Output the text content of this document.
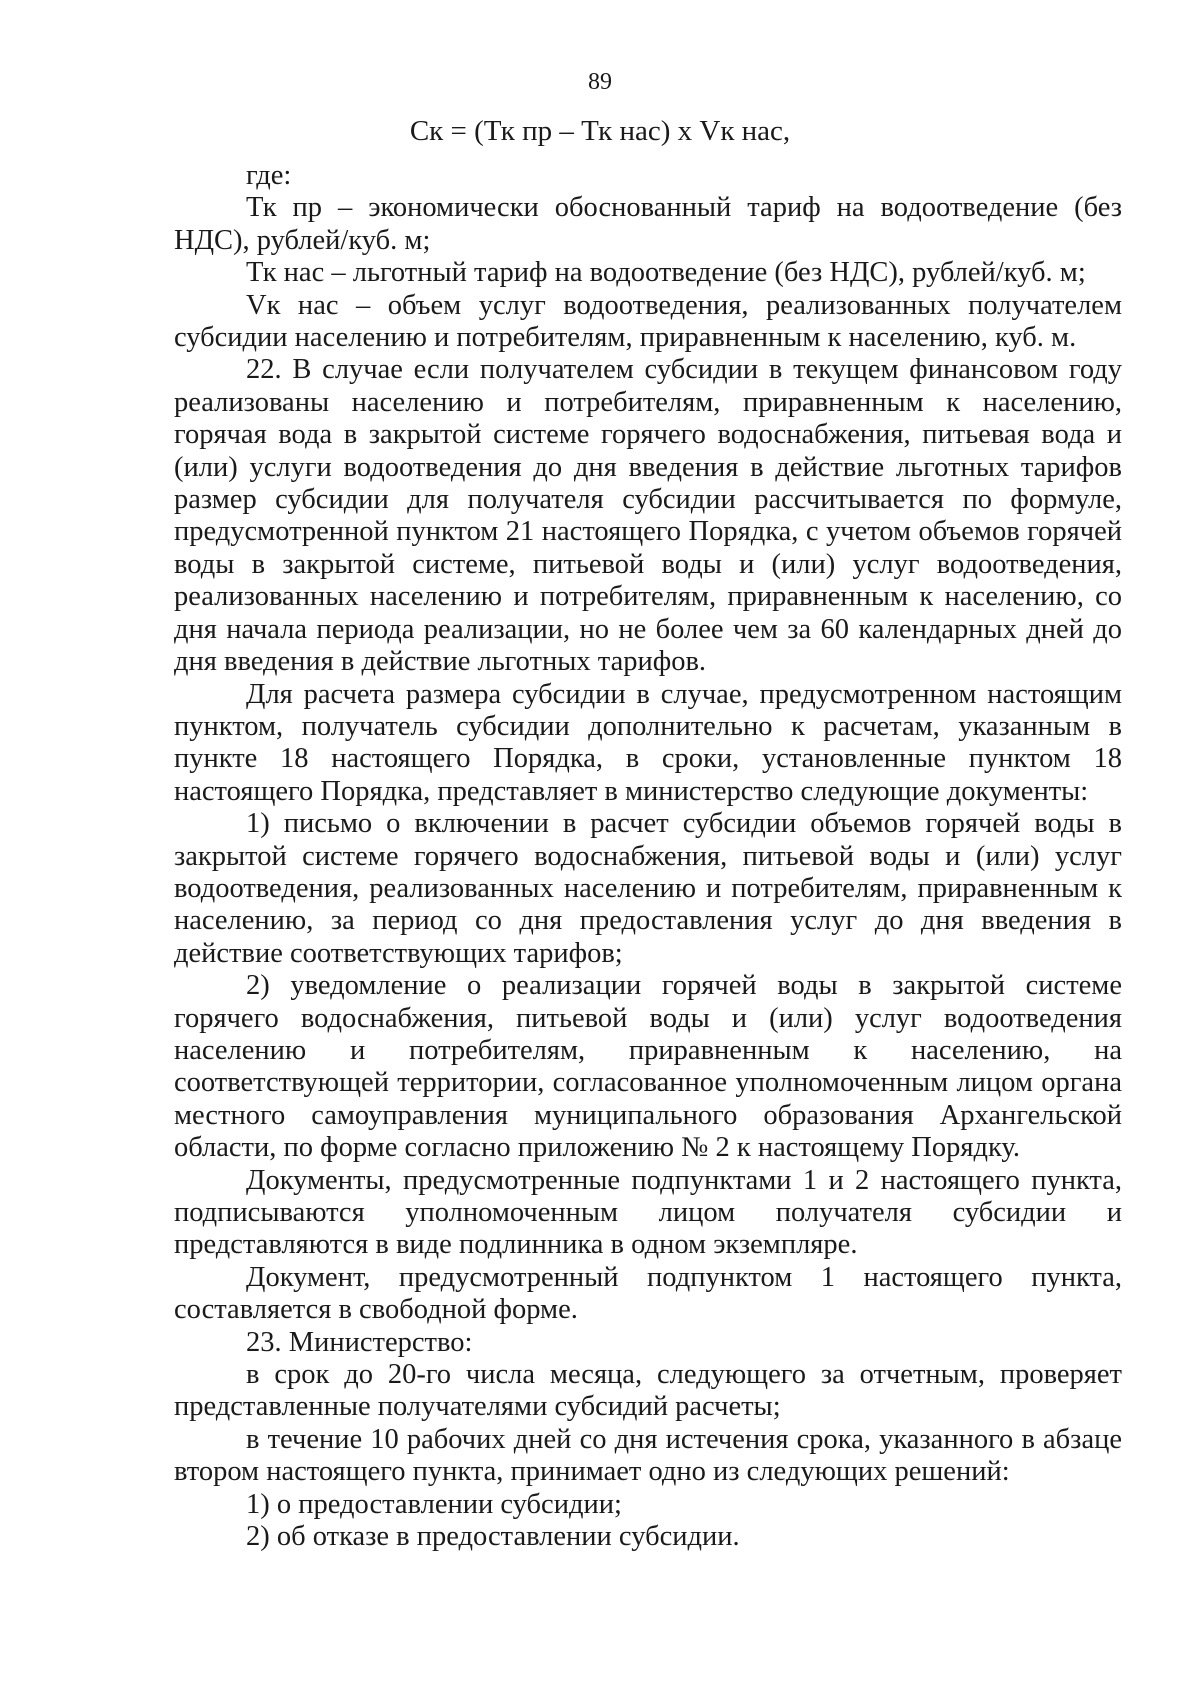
89
Ск = (Тк пр – Тк нас) х Vк нас,

где:

Тк пр – экономически обоснованный тариф на водоотведение (без НДС), рублей/куб. м;

Тк нас – льготный тариф на водоотведение (без НДС), рублей/куб. м;

Vк нас – объем услуг водоотведения, реализованных получателем субсидии населению и потребителям, приравненным к населению, куб. м.

22. В случае если получателем субсидии в текущем финансовом году реализованы населению и потребителям, приравненным к населению, горячая вода в закрытой системе горячего водоснабжения, питьевая вода и (или) услуги водоотведения до дня введения в действие льготных тарифов размер субсидии для получателя субсидии рассчитывается по формуле, предусмотренной пунктом 21 настоящего Порядка, с учетом объемов горячей воды в закрытой системе, питьевой воды и (или) услуг водоотведения, реализованных населению и потребителям, приравненным к населению, со дня начала периода реализации, но не более чем за 60 календарных дней до дня введения в действие льготных тарифов.

Для расчета размера субсидии в случае, предусмотренном настоящим пунктом, получатель субсидии дополнительно к расчетам, указанным в пункте 18 настоящего Порядка, в сроки, установленные пунктом 18 настоящего Порядка, представляет в министерство следующие документы:

1) письмо о включении в расчет субсидии объемов горячей воды в закрытой системе горячего водоснабжения, питьевой воды и (или) услуг водоотведения, реализованных населению и потребителям, приравненным к населению, за период со дня предоставления услуг до дня введения в действие соответствующих тарифов;

2) уведомление о реализации горячей воды в закрытой системе горячего водоснабжения, питьевой воды и (или) услуг водоотведения населению и потребителям, приравненным к населению, на соответствующей территории, согласованное уполномоченным лицом органа местного самоуправления муниципального образования Архангельской области, по форме согласно приложению № 2 к настоящему Порядку.

Документы, предусмотренные подпунктами 1 и 2 настоящего пункта, подписываются уполномоченным лицом получателя субсидии и представляются в виде подлинника в одном экземпляре.

Документ, предусмотренный подпунктом 1 настоящего пункта, составляется в свободной форме.

23. Министерство:

в срок до 20-го числа месяца, следующего за отчетным, проверяет представленные получателями субсидий расчеты;

в течение 10 рабочих дней со дня истечения срока, указанного в абзаце втором настоящего пункта, принимает одно из следующих решений:

1) о предоставлении субсидии;

2) об отказе в предоставлении субсидии.
